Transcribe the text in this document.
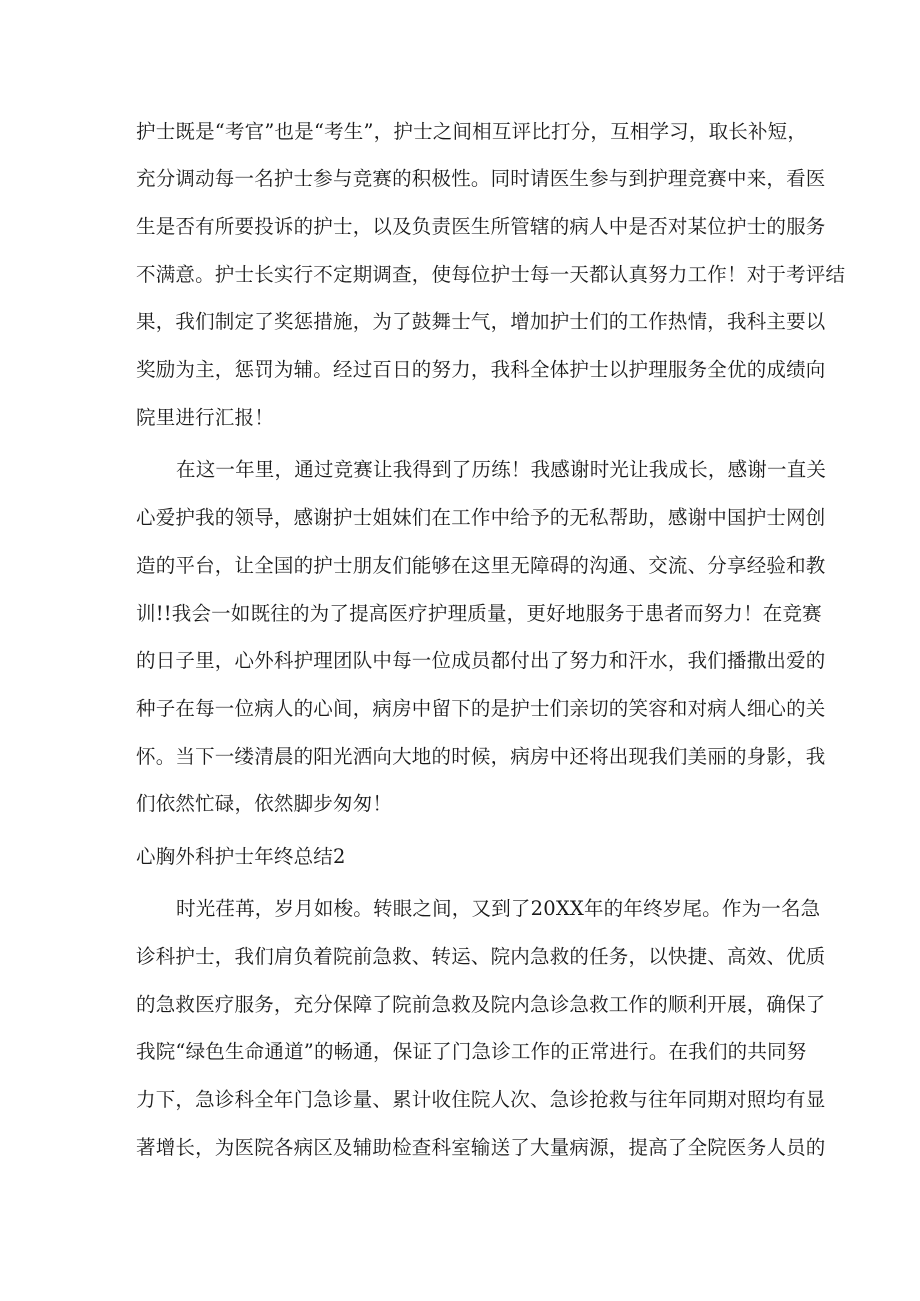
护士既是“考官”也是“考生”，护士之间相互评比打分，互相学习，取长补短，
充分调动每一名护士参与竞赛的积极性。同时请医生参与到护理竞赛中来，看医
生是否有所要投诉的护士，以及负责医生所管辖的病人中是否对某位护士的服务
不满意。护士长实行不定期调查，使每位护士每一天都认真努力工作！对于考评结
果，我们制定了奖惩措施，为了鼓舞士气，增加护士们的工作热情，我科主要以
奖励为主，惩罚为辅。经过百日的努力，我科全体护士以护理服务全优的成绩向
院里进行汇报！
在这一年里，通过竞赛让我得到了历练！我感谢时光让我成长，感谢一直关
心爱护我的领导，感谢护士姐妹们在工作中给予的无私帮助，感谢中国护士网创
造的平台，让全国的护士朋友们能够在这里无障碍的沟通、交流、分享经验和教
训!!我会一如既往的为了提高医疗护理质量，更好地服务于患者而努力！在竞赛
的日子里，心外科护理团队中每一位成员都付出了努力和汗水，我们播撒出爱的
种子在每一位病人的心间，病房中留下的是护士们亲切的笑容和对病人细心的关
怀。当下一缕清晨的阳光洒向大地的时候，病房中还将出现我们美丽的身影，我
们依然忙碌，依然脚步匆匆！
心胸外科护士年终总结2
时光荏苒，岁月如梭。转眼之间，又到了20XX年的年终岁尾。作为一名急
诊科护士，我们肩负着院前急救、转运、院内急救的任务，以快捷、高效、优质
的急救医疗服务，充分保障了院前急救及院内急诊急救工作的顺利开展，确保了
我院“绿色生命通道”的畅通，保证了门急诊工作的正常进行。在我们的共同努
力下，急诊科全年门急诊量、累计收住院人次、急诊抢救与往年同期对照均有显
著增长，为医院各病区及辅助检查科室输送了大量病源，提高了全院医务人员的
